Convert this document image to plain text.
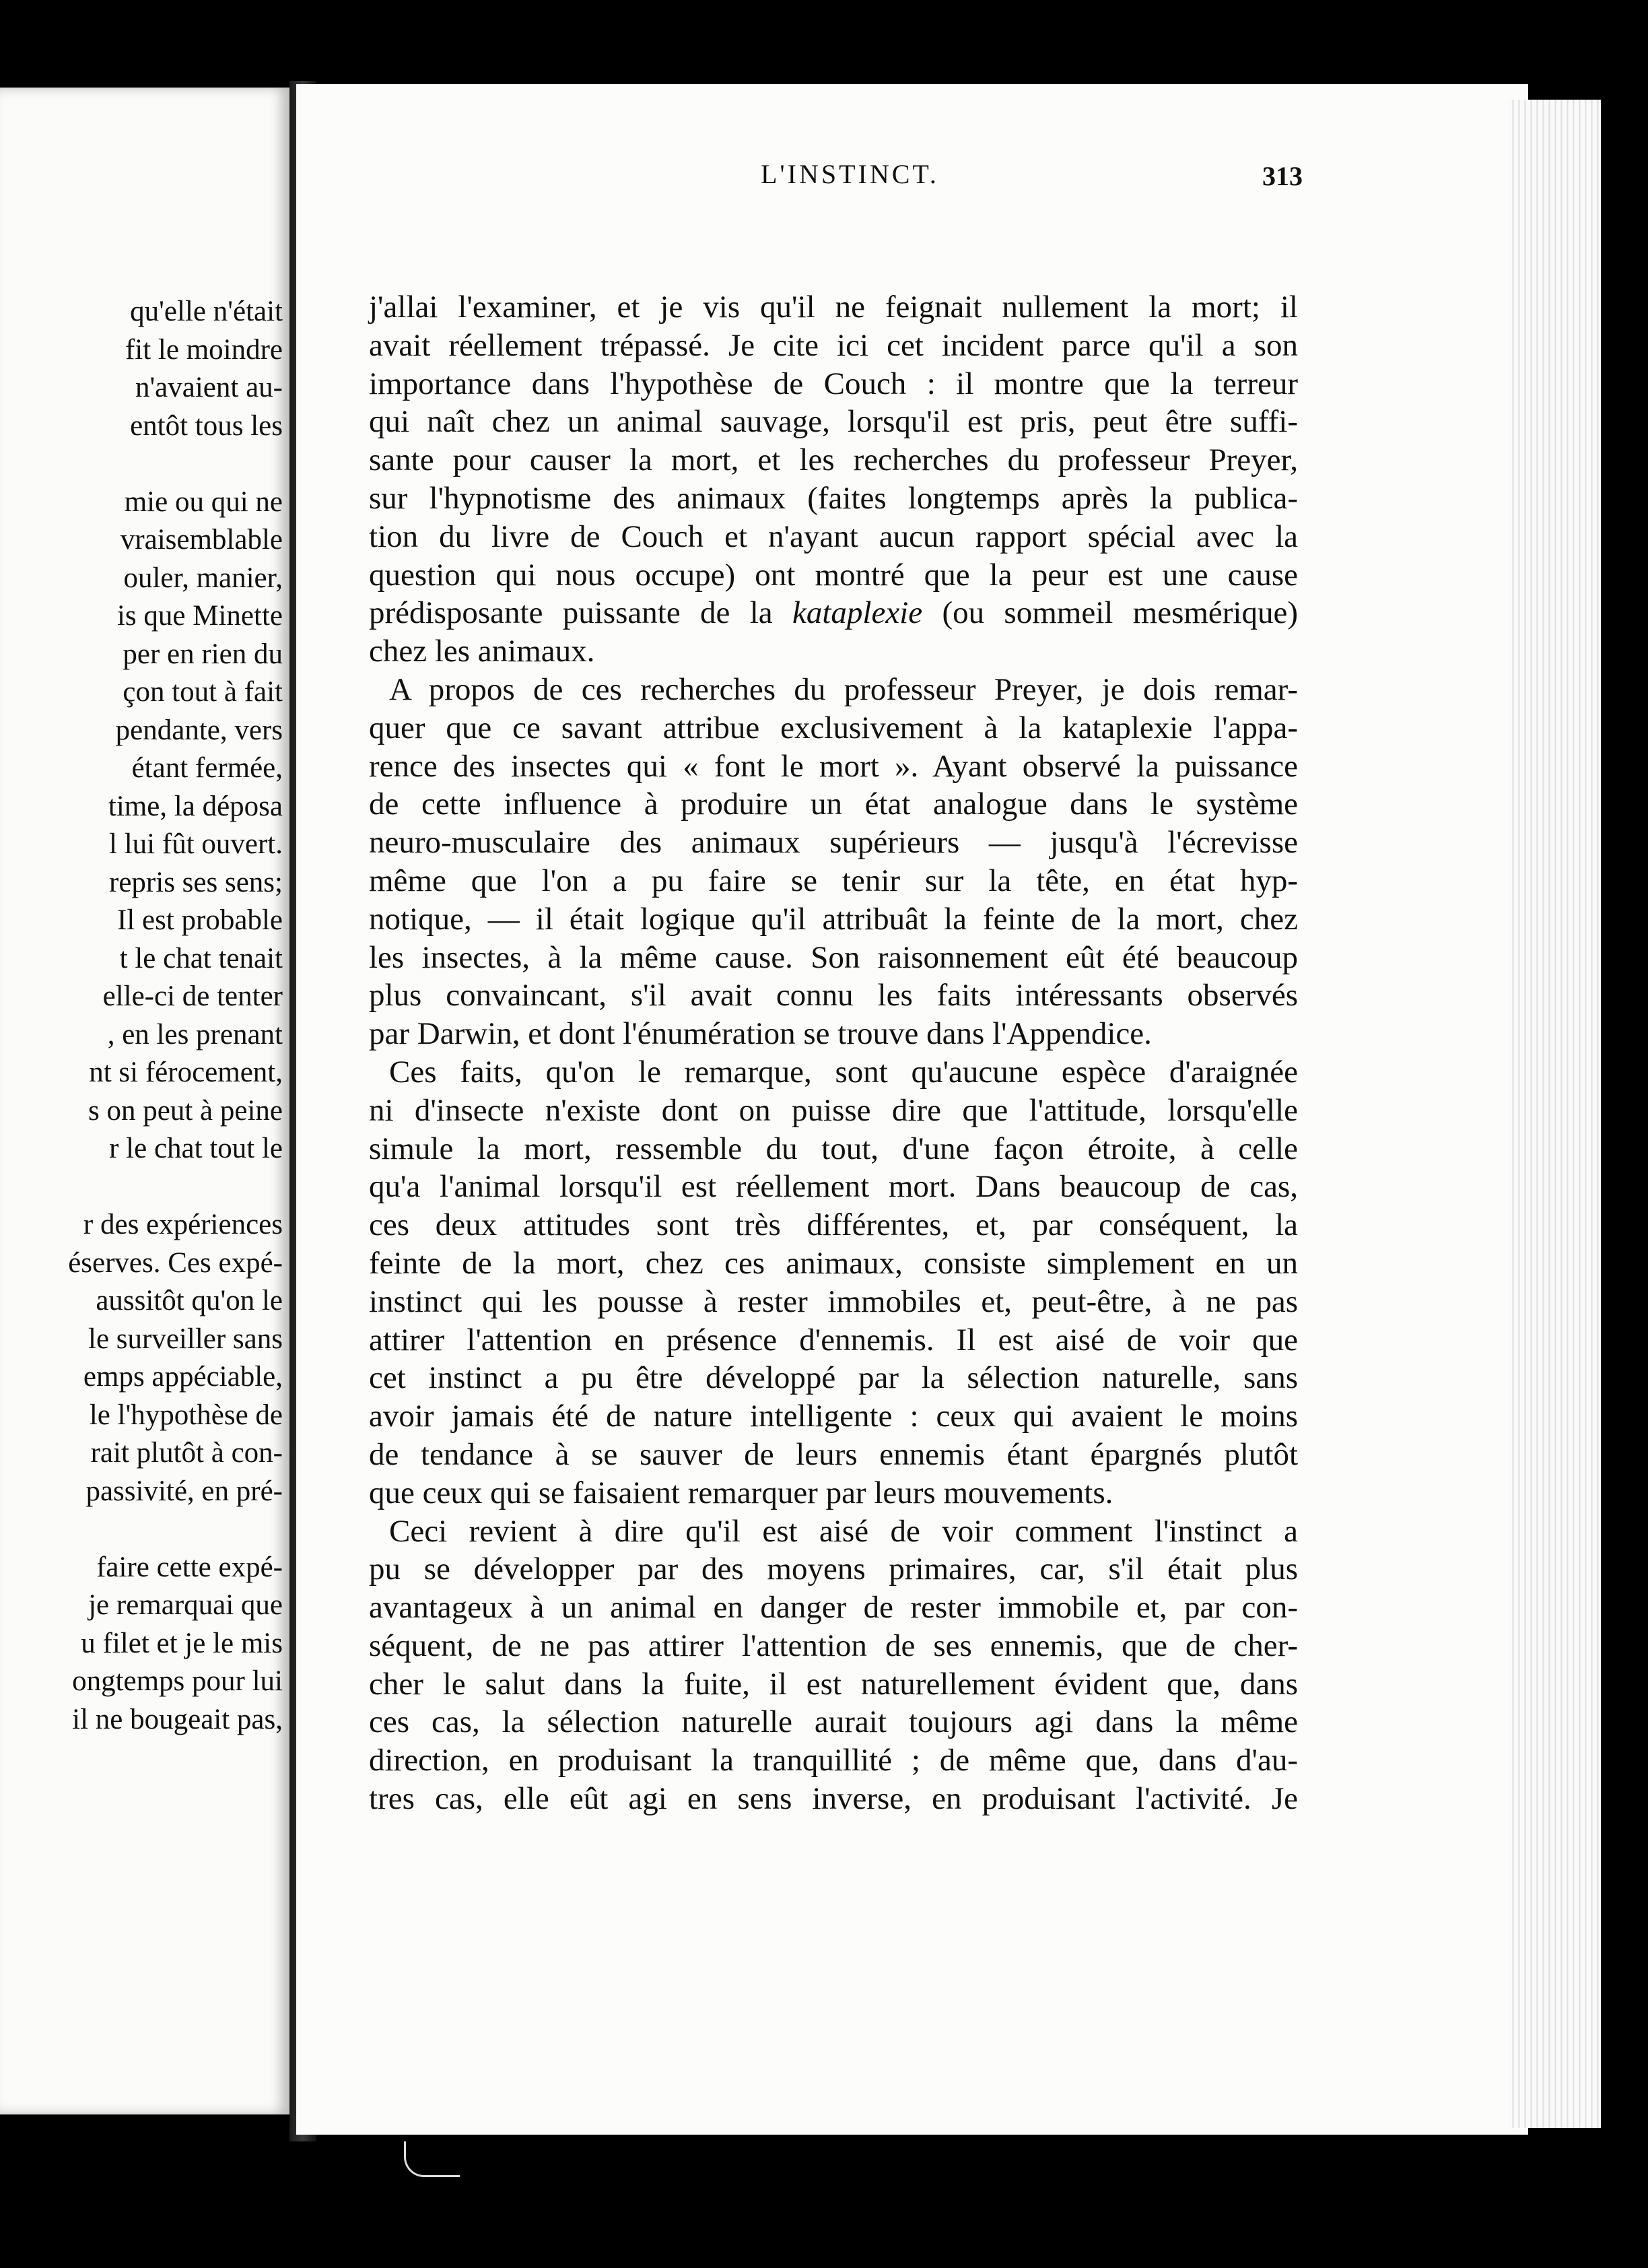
qu'elle n'était
fit le moindre
n'avaient au-
entôt tous les
mie ou qui ne
vraisemblable
ouler, manier,
is que Minette
per en rien du
çon tout à fait
pendante, vers
étant fermée,
time, la déposa
l lui fût ouvert.
repris ses sens;
Il est probable
t le chat tenait
elle-ci de tenter
, en les prenant
nt si férocement,
s on peut à peine
r le chat tout le
r des expériences
éserves. Ces expé-
aussitôt qu'on le
le surveiller sans
emps appéciable,
le l'hypothèse de
rait plutôt à con-
passivité, en pré-
faire cette expé-
je remarquai que
u filet et je le mis
ongtemps pour lui
il ne bougeait pas,
L'INSTINCT.	313
j'allai l'examiner, et je vis qu'il ne feignait nullement la mort; il
avait réellement trépassé. Je cite ici cet incident parce qu'il a son
importance dans l'hypothèse de Couch : il montre que la terreur
qui naît chez un animal sauvage, lorsqu'il est pris, peut être suffi-
sante pour causer la mort, et les recherches du professeur Preyer,
sur l'hypnotisme des animaux (faites longtemps après la publica-
tion du livre de Couch et n'ayant aucun rapport spécial avec la
question qui nous occupe) ont montré que la peur est une cause
prédisposante puissante de la kataplexie (ou sommeil mesmérique)
chez les animaux.
A propos de ces recherches du professeur Preyer, je dois remar-
quer que ce savant attribue exclusivement à la kataplexie l'appa-
rence des insectes qui « font le mort ». Ayant observé la puissance
de cette influence à produire un état analogue dans le système
neuro-musculaire des animaux supérieurs — jusqu'à l'écrevisse
même que l'on a pu faire se tenir sur la tête, en état hyp-
notique, — il était logique qu'il attribuât la feinte de la mort, chez
les insectes, à la même cause. Son raisonnement eût été beaucoup
plus convaincant, s'il avait connu les faits intéressants observés
par Darwin, et dont l'énumération se trouve dans l'Appendice.
Ces faits, qu'on le remarque, sont qu'aucune espèce d'araignée
ni d'insecte n'existe dont on puisse dire que l'attitude, lorsqu'elle
simule la mort, ressemble du tout, d'une façon étroite, à celle
qu'a l'animal lorsqu'il est réellement mort. Dans beaucoup de cas,
ces deux attitudes sont très différentes, et, par conséquent, la
feinte de la mort, chez ces animaux, consiste simplement en un
instinct qui les pousse à rester immobiles et, peut-être, à ne pas
attirer l'attention en présence d'ennemis. Il est aisé de voir que
cet instinct a pu être développé par la sélection naturelle, sans
avoir jamais été de nature intelligente : ceux qui avaient le moins
de tendance à se sauver de leurs ennemis étant épargnés plutôt
que ceux qui se faisaient remarquer par leurs mouvements.
Ceci revient à dire qu'il est aisé de voir comment l'instinct a
pu se développer par des moyens primaires, car, s'il était plus
avantageux à un animal en danger de rester immobile et, par con-
séquent, de ne pas attirer l'attention de ses ennemis, que de cher-
cher le salut dans la fuite, il est naturellement évident que, dans
ces cas, la sélection naturelle aurait toujours agi dans la même
direction, en produisant la tranquillité ; de même que, dans d'au-
tres cas, elle eût agi en sens inverse, en produisant l'activité. Je
